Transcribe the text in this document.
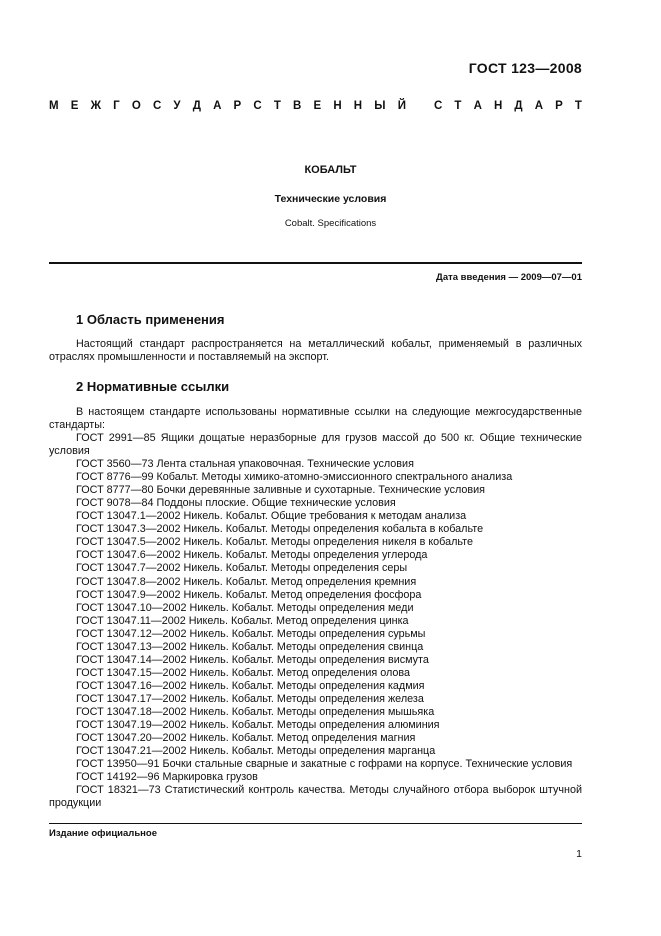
ГОСТ 123—2008
М Е Ж Г О С У Д А Р С Т В Е Н Н Ы Й С Т А Н Д А Р Т
КОБАЛЬТ
Технические условия
Cobalt. Specifications
Дата введения — 2009—07—01
1 Область применения
Настоящий стандарт распространяется на металлический кобальт, применяемый в различных отраслях промышленности и поставляемый на экспорт.
2 Нормативные ссылки
В настоящем стандарте использованы нормативные ссылки на следующие межгосударственные стандарты:
ГОСТ 2991—85 Ящики дощатые неразборные для грузов массой до 500 кг. Общие технические условия
ГОСТ 3560—73 Лента стальная упаковочная. Технические условия
ГОСТ 8776—99 Кобальт. Методы химико-атомно-эмиссионного спектрального анализа
ГОСТ 8777—80 Бочки деревянные заливные и сухотарные. Технические условия
ГОСТ 9078—84 Поддоны плоские. Общие технические условия
ГОСТ 13047.1—2002 Никель. Кобальт. Общие требования к методам анализа
ГОСТ 13047.3—2002 Никель. Кобальт. Методы определения кобальта в кобальте
ГОСТ 13047.5—2002 Никель. Кобальт. Методы определения никеля в кобальте
ГОСТ 13047.6—2002 Никель. Кобальт. Методы определения углерода
ГОСТ 13047.7—2002 Никель. Кобальт. Методы определения серы
ГОСТ 13047.8—2002 Никель. Кобальт. Метод определения кремния
ГОСТ 13047.9—2002 Никель. Кобальт. Метод определения фосфора
ГОСТ 13047.10—2002 Никель. Кобальт. Методы определения меди
ГОСТ 13047.11—2002 Никель. Кобальт. Метод определения цинка
ГОСТ 13047.12—2002 Никель. Кобальт. Методы определения сурьмы
ГОСТ 13047.13—2002 Никель. Кобальт. Методы определения свинца
ГОСТ 13047.14—2002 Никель. Кобальт. Методы определения висмута
ГОСТ 13047.15—2002 Никель. Кобальт. Метод определения олова
ГОСТ 13047.16—2002 Никель. Кобальт. Методы определения кадмия
ГОСТ 13047.17—2002 Никель. Кобальт. Методы определения железа
ГОСТ 13047.18—2002 Никель. Кобальт. Методы определения мышьяка
ГОСТ 13047.19—2002 Никель. Кобальт. Методы определения алюминия
ГОСТ 13047.20—2002 Никель. Кобальт. Метод определения магния
ГОСТ 13047.21—2002 Никель. Кобальт. Методы определения марганца
ГОСТ 13950—91 Бочки стальные сварные и закатные с гофрами на корпусе. Технические условия
ГОСТ 14192—96 Маркировка грузов
ГОСТ 18321—73 Статистический контроль качества. Методы случайного отбора выборок штучной продукции
Издание официальное
1
